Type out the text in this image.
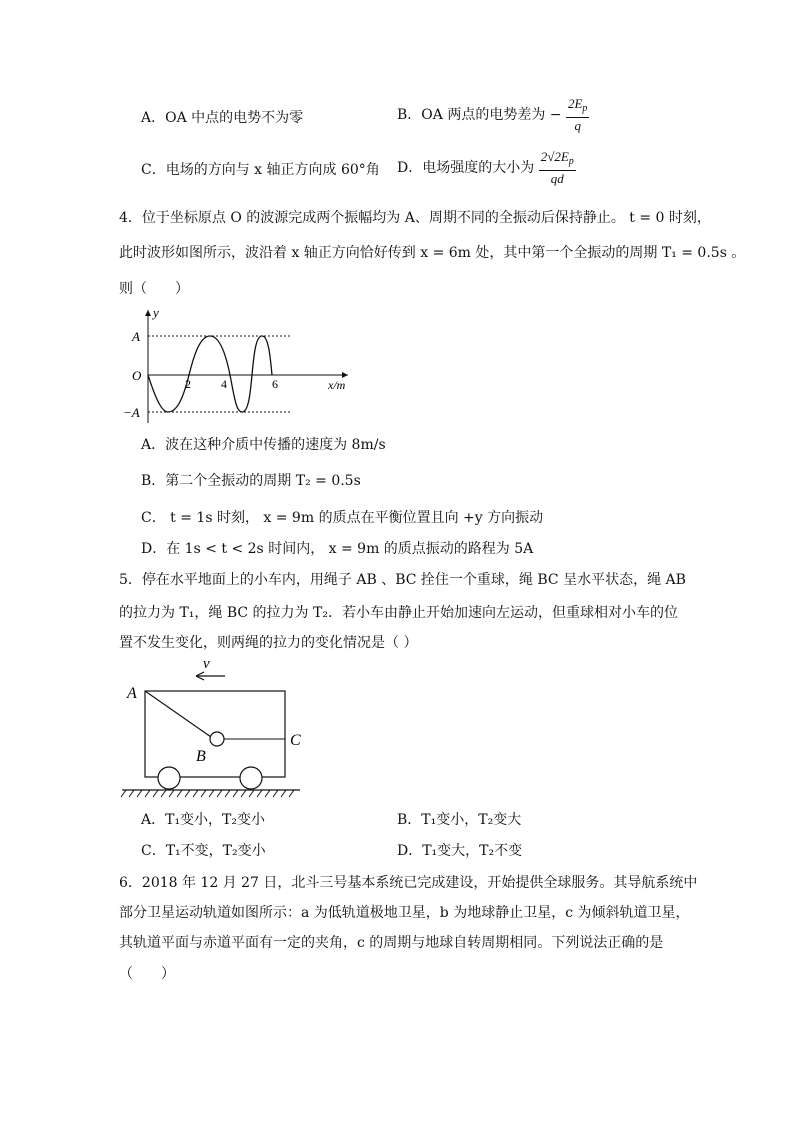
A．OA 中点的电势不为零	B．OA 两点的电势差为 − $\frac{2E_p}{q}$
C．电场的方向与 x 轴正方向成 60°角 D．电场强度的大小为 $\frac{2√2E_p}{qd}$
4．位于坐标原点 O 的波源完成两个振幅均为 A、周期不同的全振动后保持静止。 t = 0 时刻，
此时波形如图所示，波沿着 x 轴正方向恰好传到 x = 6m 处，其中第一个全振动的周期 T₁ = 0.5s 。
则（　　）
y
x/m
A
−A
O
2	4	6
A．波在这种介质中传播的速度为 8m/s
B．第二个全振动的周期 T₂ = 0.5s
C． t = 1s 时刻， x = 9m 的质点在平衡位置且向 +y 方向振动
D．在 1s < t < 2s 时间内， x = 9m 的质点振动的路程为 5A
5．停在水平地面上的小车内，用绳子 AB 、BC 拴住一个重球，绳 BC 呈水平状态，绳 AB
的拉力为 T₁，绳 BC 的拉力为 T₂．若小车由静止开始加速向左运动，但重球相对小车的位
置不发生变化，则两绳的拉力的变化情况是（ ）
v
A
B
C
A．T₁变小，T₂变小	B．T₁变小，T₂变大
C．T₁不变，T₂变小	D．T₁变大，T₂不变
6．2018 年 12 月 27 日，北斗三号基本系统已完成建设，开始提供全球服务。其导航系统中
部分卫星运动轨道如图所示：a 为低轨道极地卫星，b 为地球静止卫星，c 为倾斜轨道卫星，
其轨道平面与赤道平面有一定的夹角，c 的周期与地球自转周期相同。下列说法正确的是
（　　）
